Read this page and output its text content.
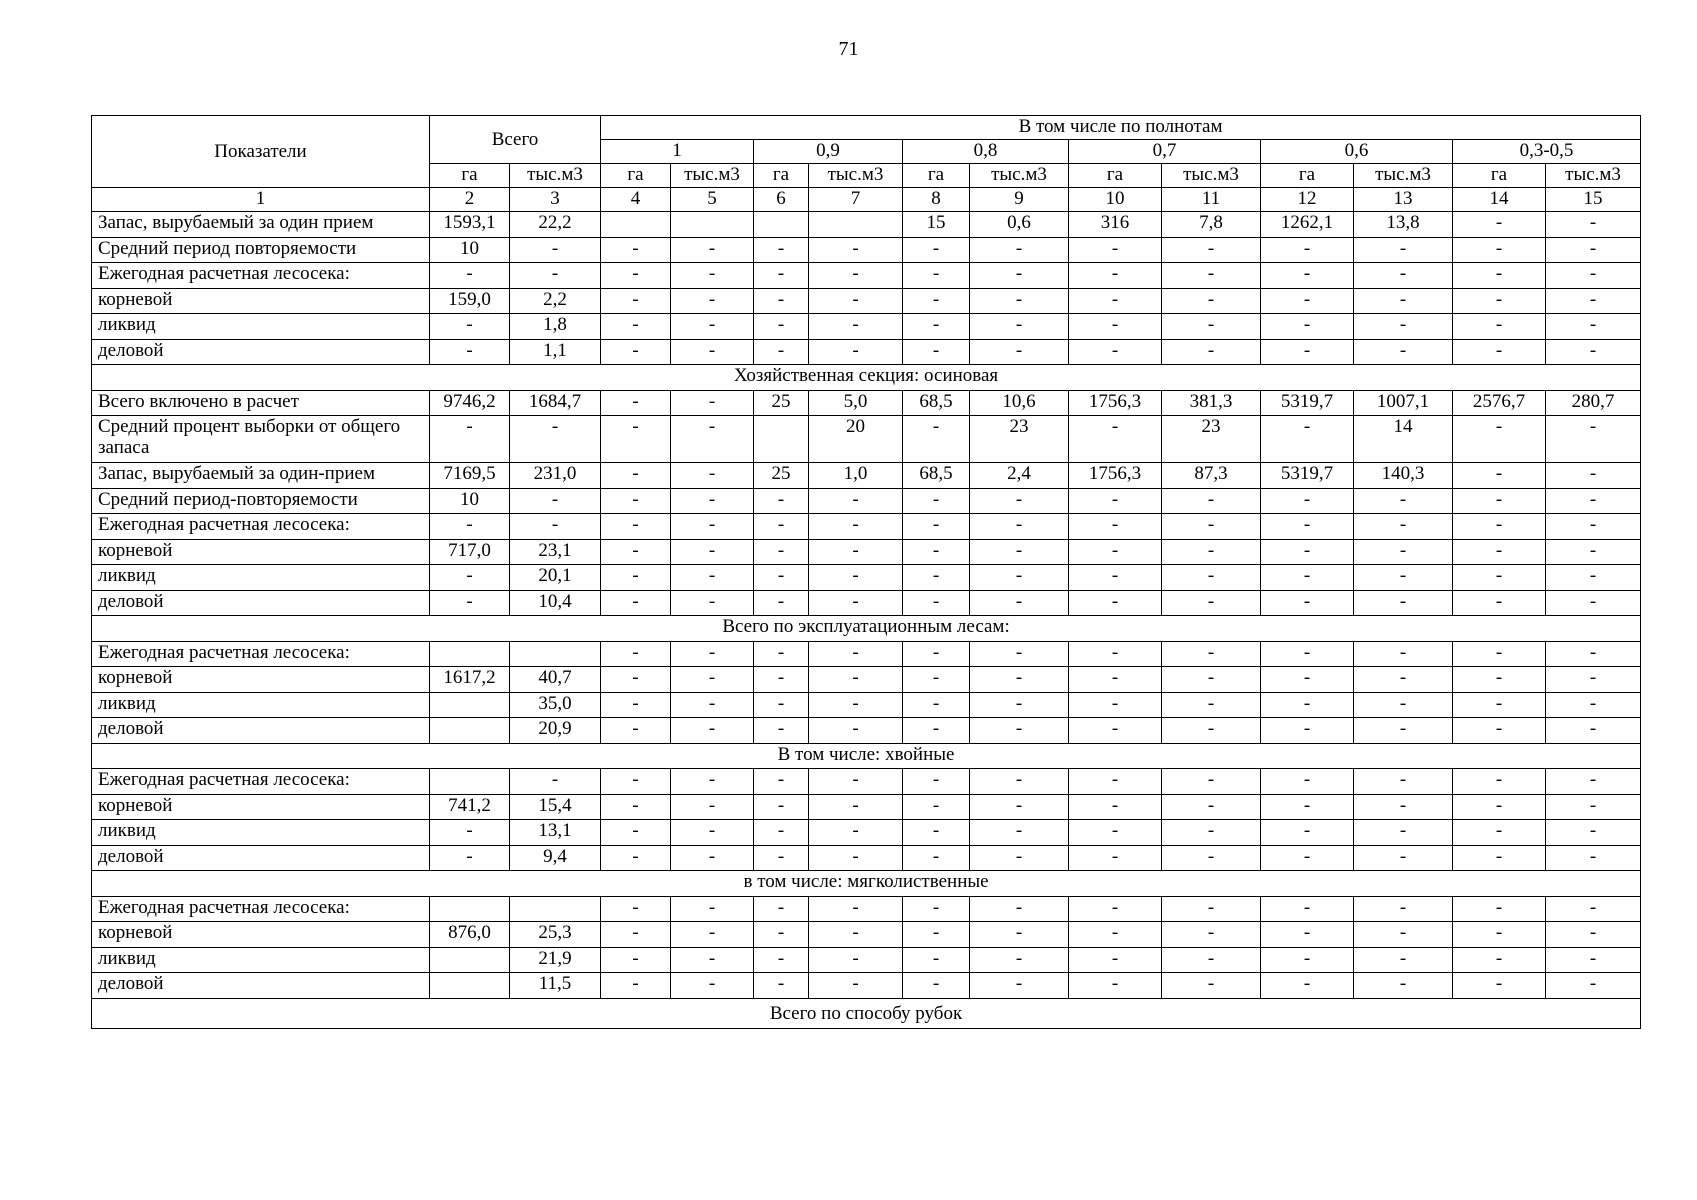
71
Показатели	Всего		В том числе по полнотам											
			1		0,9		0,8		0,7		0,6		0,3-0,5	
	га	тыс.м3	га	тыс.м3	га	тыс.м3	га	тыс.м3	га	тыс.м3	га	тыс.м3	га	тыс.м3
1	2	3	4	5	6	7	8	9	10	11	12	13	14	15
Запас, вырубаемый за один прием	1593,1	22,2					15	0,6	316	7,8	1262,1	13,8	-	-
Средний период повторяемости	10	-	-	-	-	-	-	-	-	-	-	-	-	-
Ежегодная расчетная лесосека:	-	-	-	-	-	-	-	-	-	-	-	-	-	-
корневой	159,0	2,2	-	-	-	-	-	-	-	-	-	-	-	-
ликвид	-	1,8	-	-	-	-	-	-	-	-	-	-	-	-
деловой	-	1,1	-	-	-	-	-	-	-	-	-	-	-	-
Хозяйственная секция: осиновая														
Всего включено в расчет	9746,2	1684,7	-	-	25	5,0	68,5	10,6	1756,3	381,3	5319,7	1007,1	2576,7	280,7
Средний процент выборки от общего запаса	-	-	-	-		20	-	23	-	23	-	14	-	-
Запас, вырубаемый за один-прием	7169,5	231,0	-	-	25	1,0	68,5	2,4	1756,3	87,3	5319,7	140,3	-	-
Средний период-повторяемости	10	-	-	-	-	-	-	-	-	-	-	-	-	-
Ежегодная расчетная лесосека:	-	-	-	-	-	-	-	-	-	-	-	-	-	-
корневой	717,0	23,1	-	-	-	-	-	-	-	-	-	-	-	-
ликвид	-	20,1	-	-	-	-	-	-	-	-	-	-	-	-
деловой	-	10,4	-	-	-	-	-	-	-	-	-	-	-	-
Всего по эксплуатационным лесам:														
Ежегодная расчетная лесосека:			-	-	-	-	-	-	-	-	-	-	-	-
корневой	1617,2	40,7	-	-	-	-	-	-	-	-	-	-	-	-
ликвид		35,0	-	-	-	-	-	-	-	-	-	-	-	-
деловой		20,9	-	-	-	-	-	-	-	-	-	-	-	-
В том числе: хвойные														
Ежегодная расчетная лесосека:		-	-	-	-	-	-	-	-	-	-	-	-	-
корневой	741,2	15,4	-	-	-	-	-	-	-	-	-	-	-	-
ликвид	-	13,1	-	-	-	-	-	-	-	-	-	-	-	-
деловой	-	9,4	-	-	-	-	-	-	-	-	-	-	-	-
в том числе: мягколиственные														
Ежегодная расчетная лесосека:			-	-	-	-	-	-	-	-	-	-	-	-
корневой	876,0	25,3	-	-	-	-	-	-	-	-	-	-	-	-
ликвид		21,9	-	-	-	-	-	-	-	-	-	-	-	-
деловой		11,5	-	-	-	-	-	-	-	-	-	-	-	-
Всего по способу рубок														
